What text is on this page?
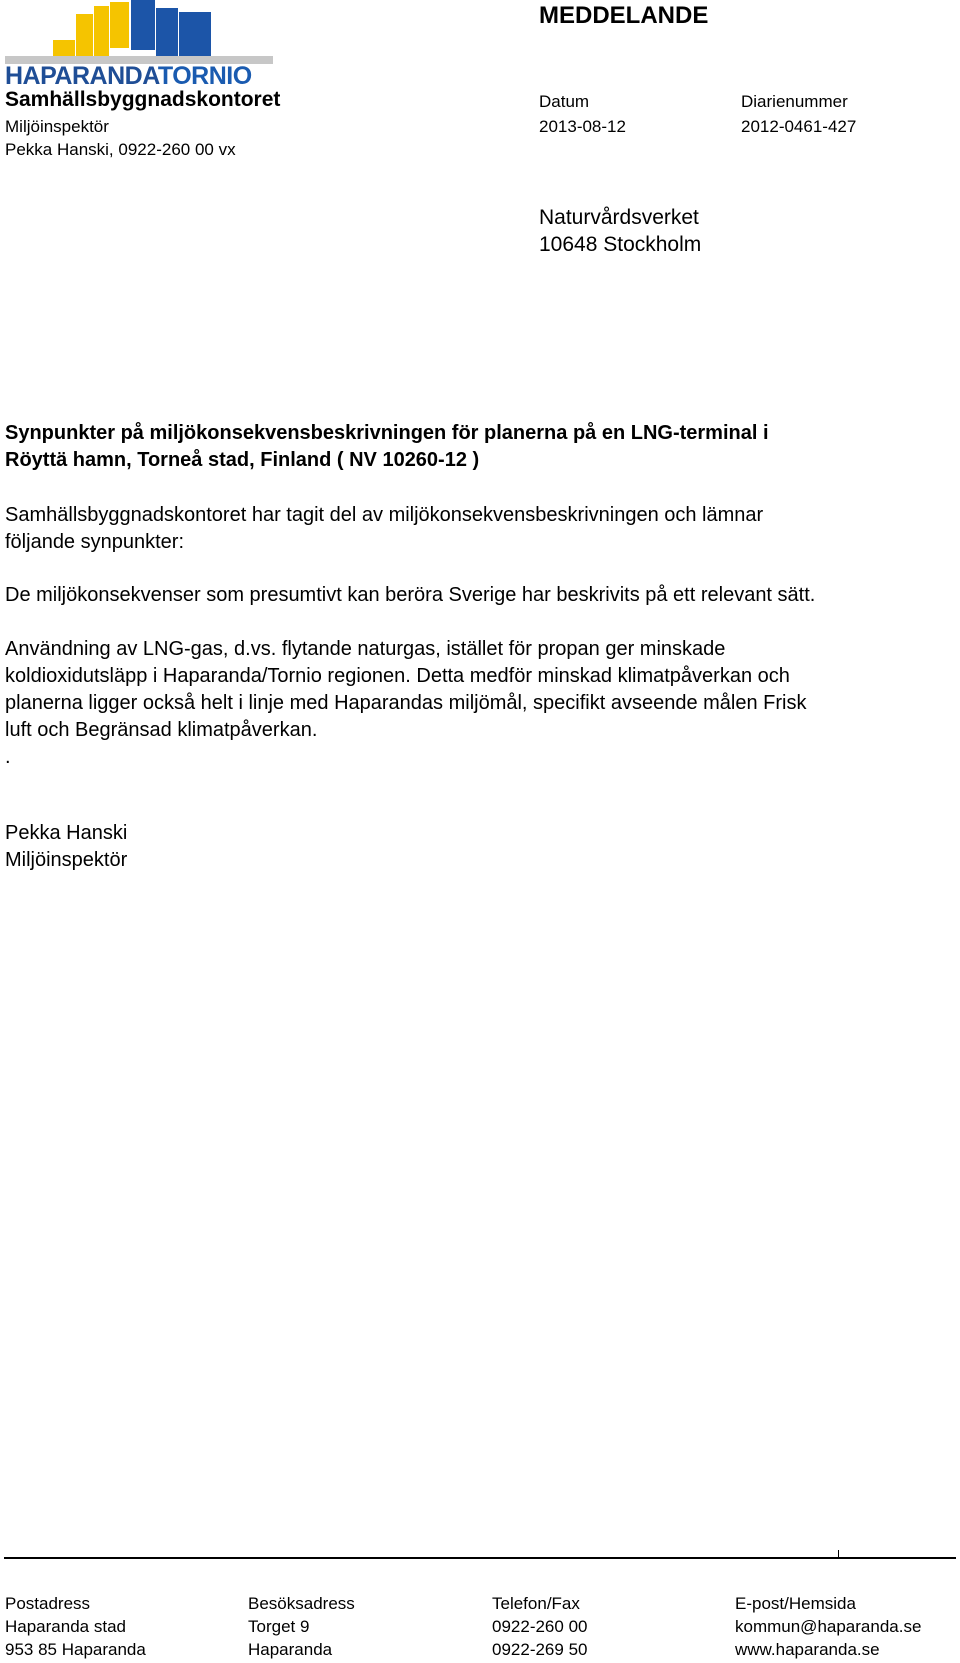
HAPARANDATORNIO
MEDDELANDE
Samhällsbyggnadskontoret
Miljöinspektör
Pekka Hanski, 0922-260 00 vx
Datum
2013-08-12
Diarienummer
2012-0461-427
Naturvårdsverket
10648 Stockholm
Synpunkter på miljökonsekvensbeskrivningen för planerna på en LNG-terminal i
Röyttä hamn, Torneå stad, Finland ( NV 10260-12 )
Samhällsbyggnadskontoret har tagit del av miljökonsekvensbeskrivningen och lämnar
följande synpunkter:
De miljökonsekvenser som presumtivt kan beröra Sverige har beskrivits på ett relevant sätt.
Användning av LNG-gas, d.vs. flytande naturgas, istället för propan ger minskade
koldioxidutsläpp i Haparanda/Tornio regionen. Detta medför minskad klimatpåverkan och
planerna ligger också helt i linje med Haparandas miljömål, specifikt avseende målen Frisk
luft och Begränsad klimatpåverkan.
.
Pekka Hanski
Miljöinspektör
Postadress
Haparanda stad
953 85 Haparanda
Besöksadress
Torget 9
Haparanda
Telefon/Fax
0922-260 00
0922-269 50
E-post/Hemsida
kommun@haparanda.se
www.haparanda.se
